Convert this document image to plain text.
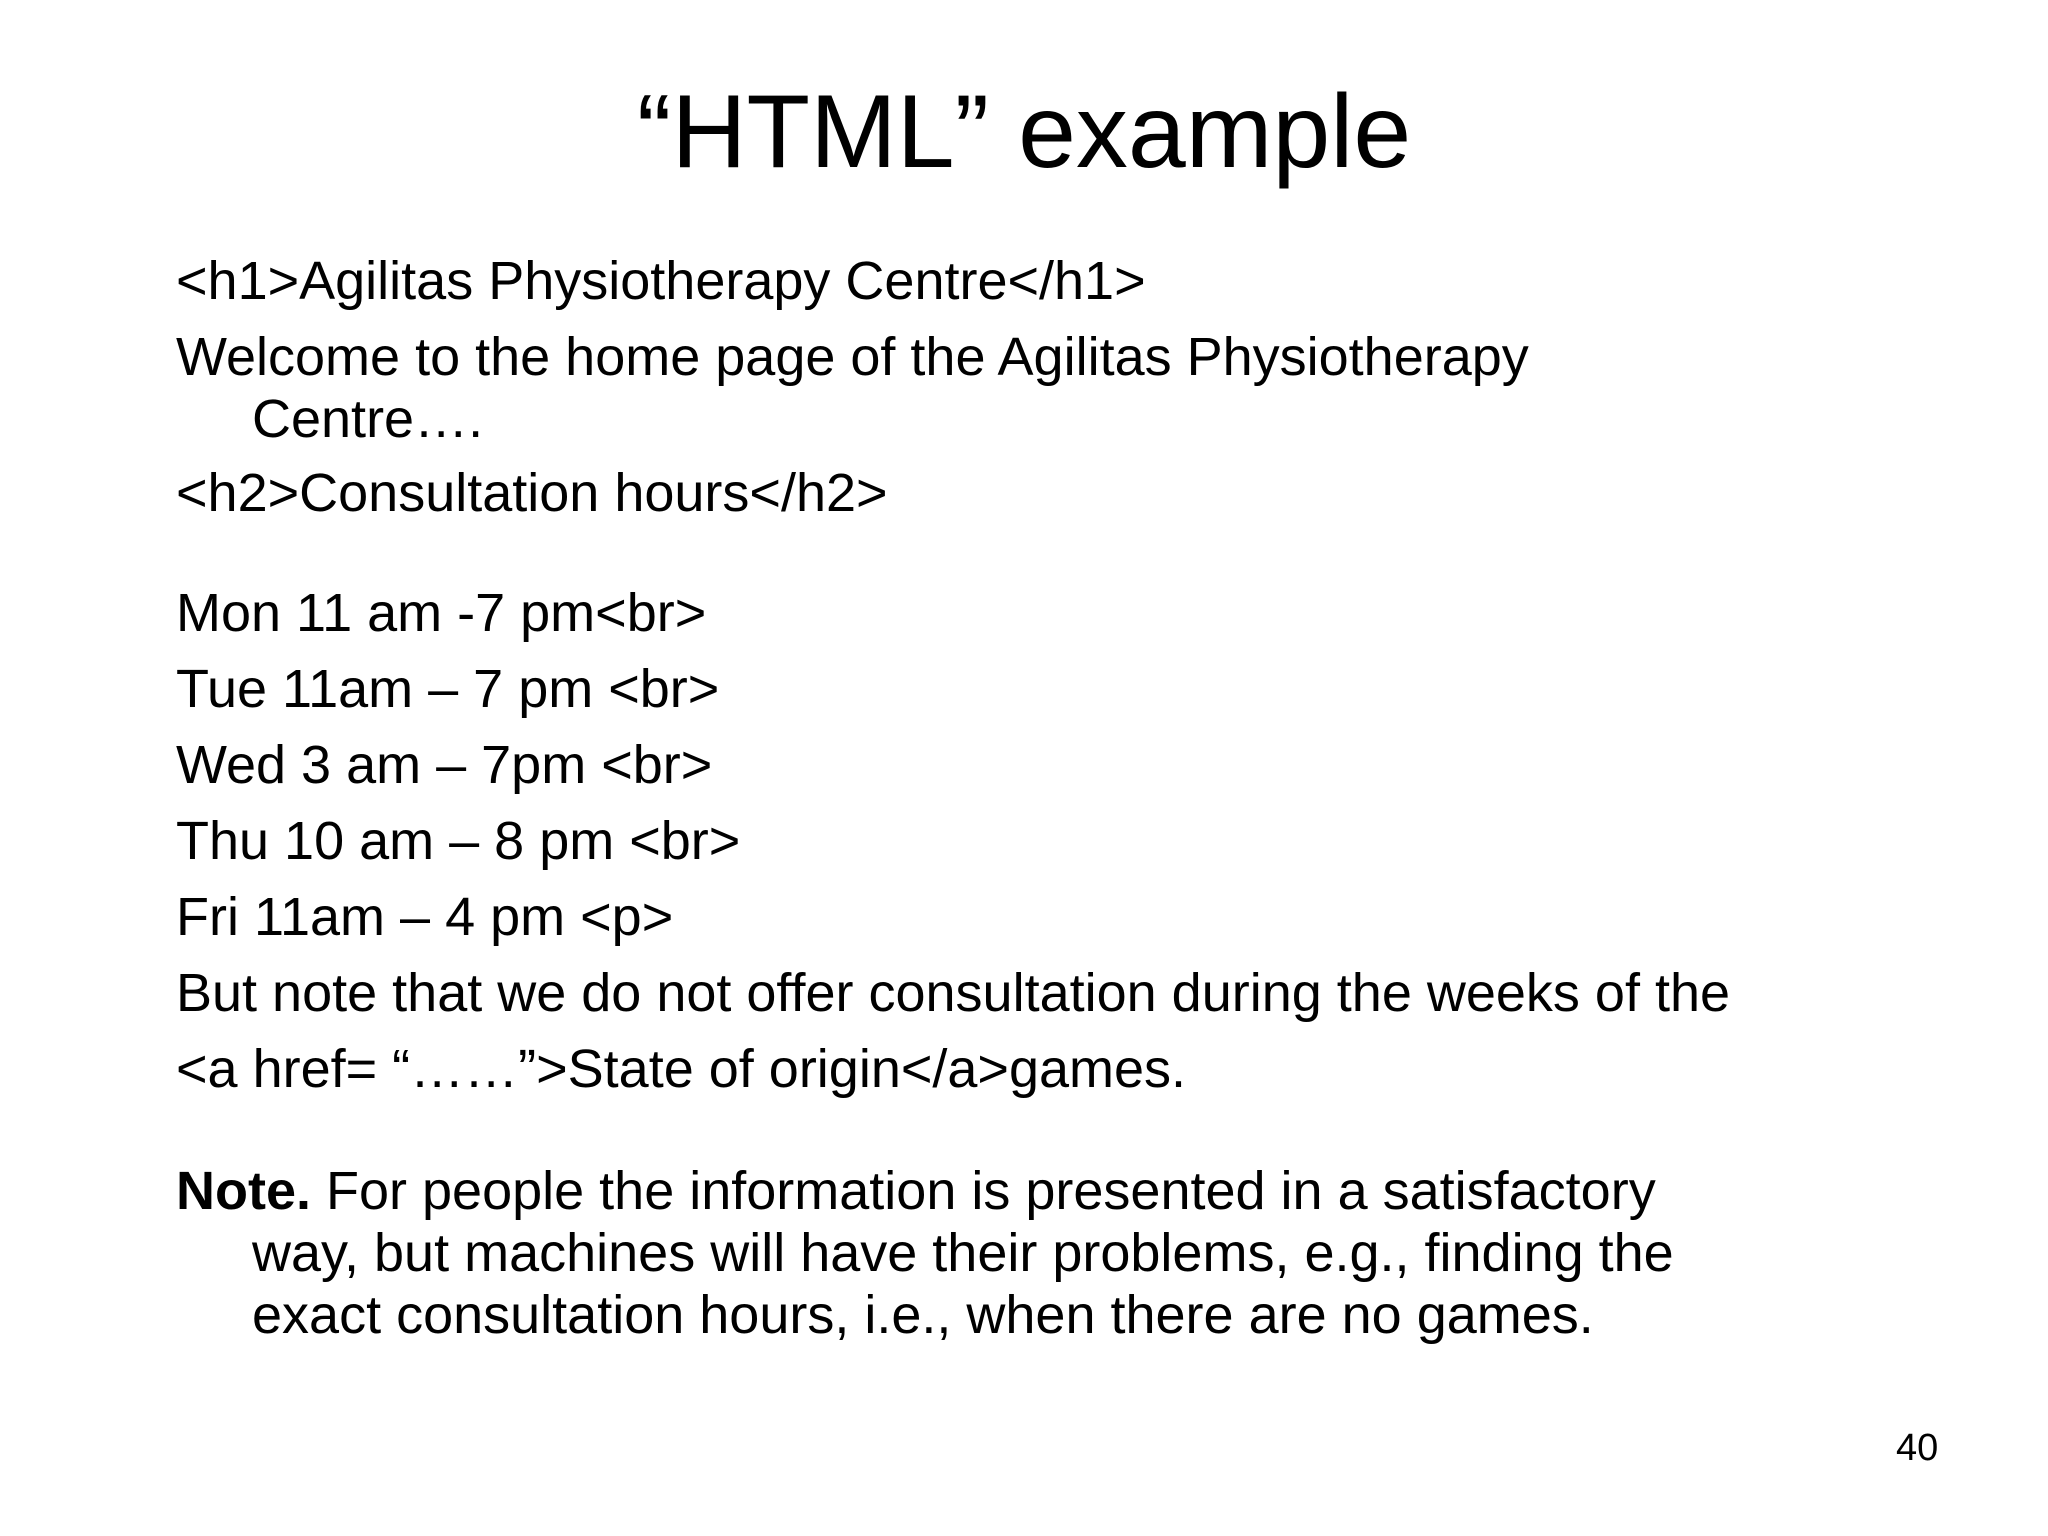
“HTML” example
<h1>Agilitas Physiotherapy Centre</h1>
Welcome to the home page of the Agilitas Physiotherapy
Centre….
<h2>Consultation hours</h2>
Mon 11 am -7 pm<br>
Tue 11am – 7 pm <br>
Wed 3 am – 7pm <br>
Thu 10 am – 8 pm <br>
Fri 11am – 4 pm <p>
But note that we do not offer consultation during the weeks of the
<a href= “……”>State of origin</a>games.
Note. For people the information is presented in a satisfactory
way, but machines will have their problems, e.g., finding the
exact consultation hours, i.e., when there are no games.
40
